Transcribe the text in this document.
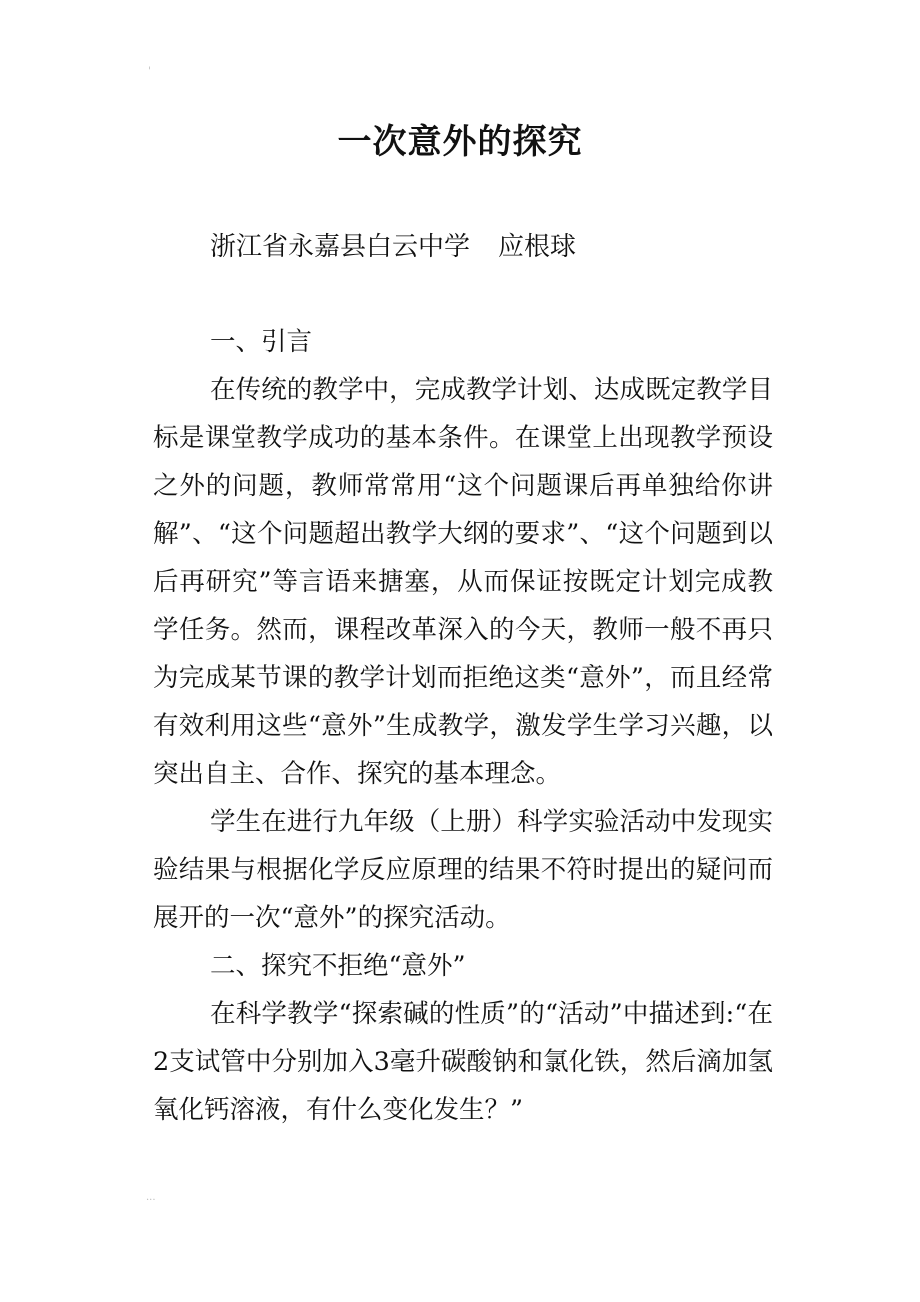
'
一次意外的探究
浙江省永嘉县白云中学 应根球

一、引言

在传统的教学中，完成教学计划、达成既定教学目标是课堂教学成功的基本条件。在课堂上出现教学预设之外的问题，教师常常用“这个问题课后再单独给你讲解”、“这个问题超出教学大纲的要求”、“这个问题到以后再研究”等言语来搪塞，从而保证按既定计划完成教学任务。然而，课程改革深入的今天，教师一般不再只为完成某节课的教学计划而拒绝这类“意外”，而且经常有效利用这些“意外”生成教学，激发学生学习兴趣，以突出自主、合作、探究的基本理念。

学生在进行九年级（上册）科学实验活动中发现实验结果与根据化学反应原理的结果不符时提出的疑问而展开的一次“意外”的探究活动。

二、探究不拒绝“意外”

在科学教学“探索碱的性质”的“活动”中描述到:“在2支试管中分别加入3毫升碳酸钠和氯化铁，然后滴加氢氧化钙溶液，有什么变化发生？”

...
